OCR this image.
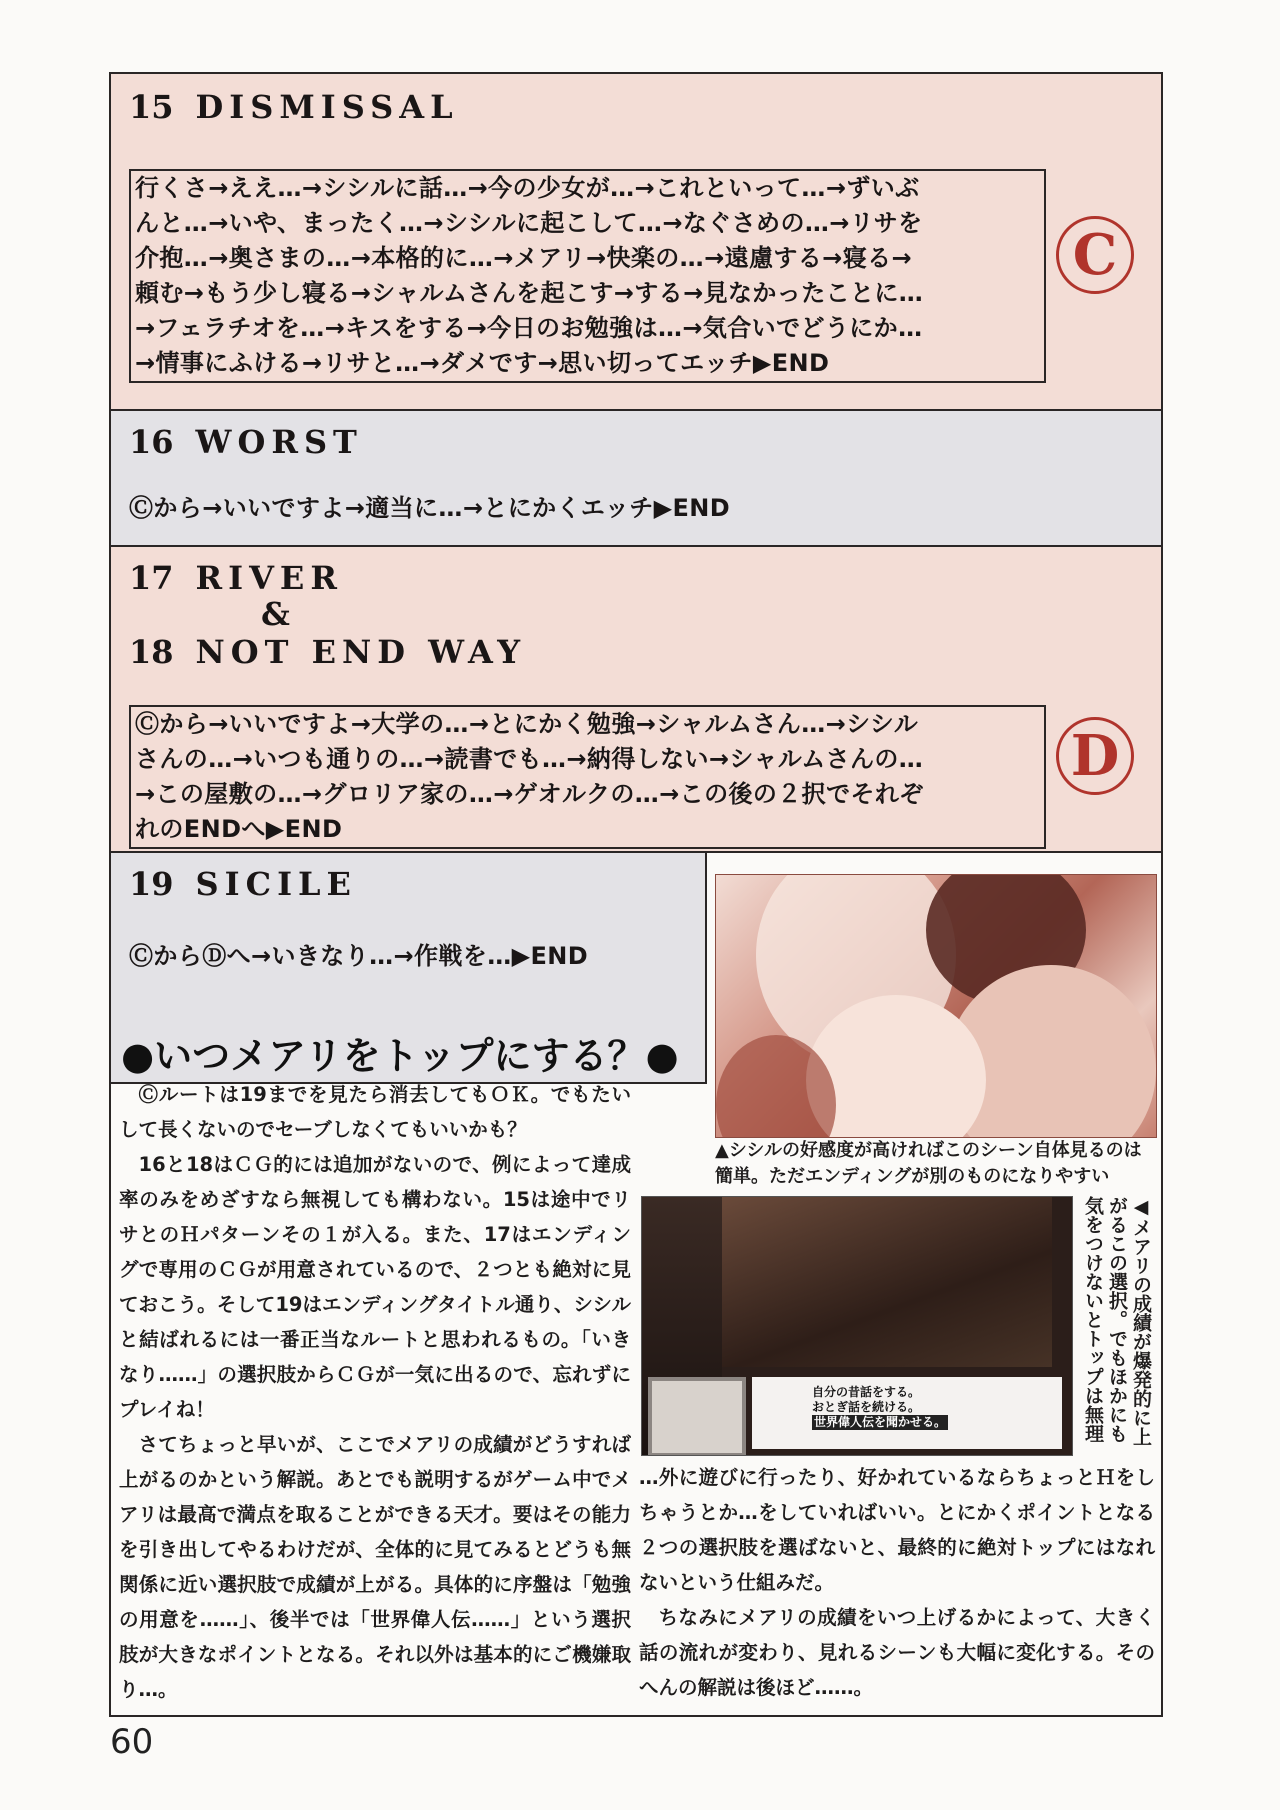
15 DISMISSAL
行くさ→ええ…→シシルに話…→今の少女が…→これといって…→ずいぶ
んと…→いや、まったく…→シシルに起こして…→なぐさめの…→リサを
介抱…→奥さまの…→本格的に…→メアリ→快楽の…→遠慮する→寝る→
頼む→もう少し寝る→シャルムさんを起こす→する→見なかったことに…
→フェラチオを…→キスをする→今日のお勉強は…→気合いでどうにか…
→情事にふける→リサと…→ダメです→思い切ってエッチ▶END
C
16 WORST
Ⓒから→いいですよ→適当に…→とにかくエッチ▶END
17 RIVER
&
18 NOT END WAY
Ⓒから→いいですよ→大学の…→とにかく勉強→シャルムさん…→シシル
さんの…→いつも通りの…→読書でも…→納得しない→シャルムさんの…
→この屋敷の…→グロリア家の…→ゲオルクの…→この後の２択でそれぞ
れのENDへ▶END
D
19 SICILE
ⒸからⒹへ→いきなり…→作戦を…▶END

▲シシルの好感度が高ければこのシーン自体見るのは簡単。ただエンディングが別のものになりやすい

●いつメアリをトップにする？●

Ⓒルートは19までを見たら消去してもＯＫ。でもたいして長くないのでセーブしなくてもいいかも？

16と18はＣＧ的には追加がないので、例によって達成率のみをめざすなら無視しても構わない。15は途中でリサとのＨパターンその１が入る。また、17はエンディングで専用のＣＧが用意されているので、２つとも絶対に見ておこう。そして19はエンディングタイトル通り、シシルと結ばれるには一番正当なルートと思われるもの。「いきなり……」の選択肢からＣＧが一気に出るので、忘れずにプレイね！

さてちょっと早いが、ここでメアリの成績がどうすれば上がるのかという解説。あとでも説明するがゲーム中でメアリは最高で満点を取ることができる天才。要はその能力を引き出してやるわけだが、全体的に見てみるとどうも無関係に近い選択肢で成績が上がる。具体的に序盤は「勉強の用意を……」、後半では「世界偉人伝……」という選択肢が大きなポイントとなる。それ以外は基本的にご機嫌取り…。

自分の昔話をする。
おとぎ話を続ける。
世界偉人伝を聞かせる。	◀メアリの成績が爆発的に上がるこの選択。でもほかにも気をつけないとトップは無理

…外に遊びに行ったり、好かれているならちょっとＨをしちゃうとか…をしていればいい。とにかくポイントとなる２つの選択肢を選ばないと、最終的に絶対トップにはなれないという仕組みだ。

ちなみにメアリの成績をいつ上げるかによって、大きく話の流れが変わり、見れるシーンも大幅に変化する。そのへんの解説は後ほど……。

60
